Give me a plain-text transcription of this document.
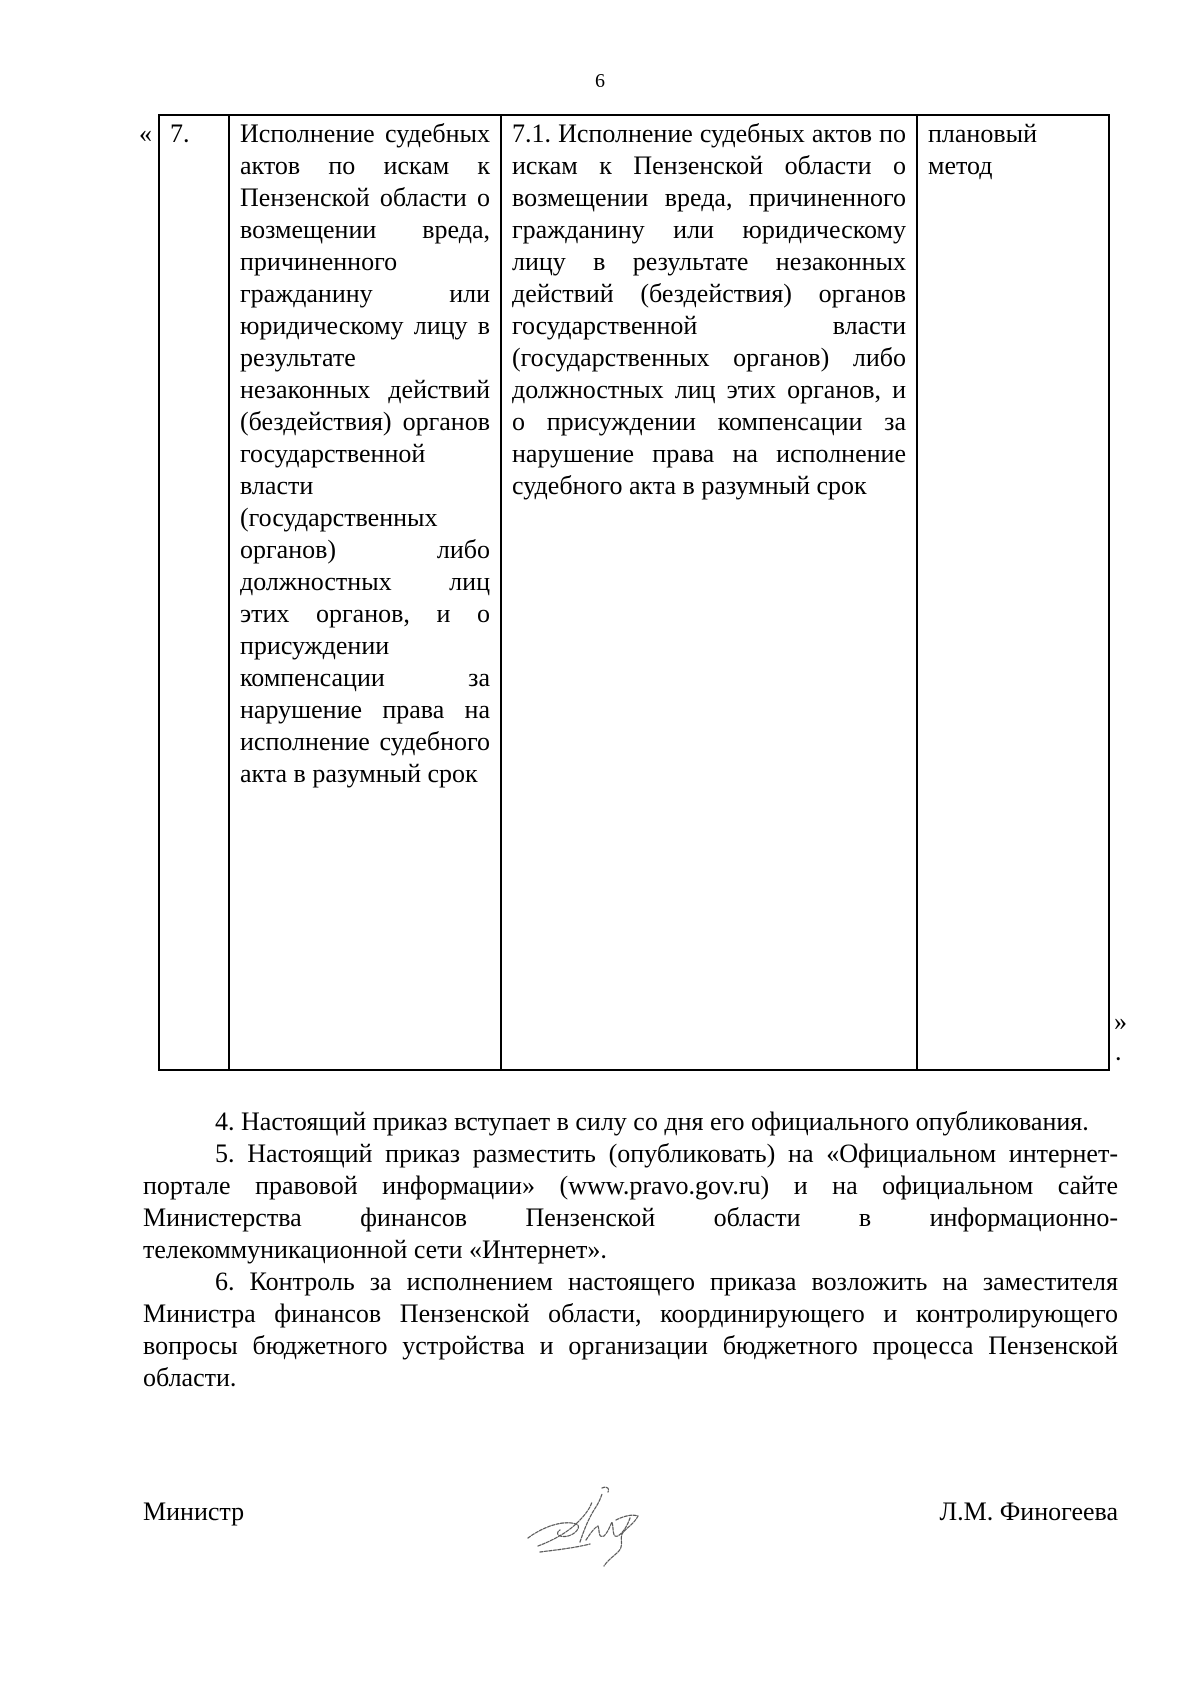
6
« 7.	Исполнение судебных актов по искам к Пензенской области о возмещении вреда, причиненного гражданину или юридическому лицу в результате незаконных действий (бездействия) органов государственной власти (государственных органов) либо должностных лиц этих органов, и о присуждении компенсации за нарушение права на исполнение судебного акта в разумный срок	7.1. Исполнение судебных актов по искам к Пензенской области о возмещении вреда, причиненного гражданину или юридическому лицу в результате незаконных действий (бездействия) органов государственной власти (государственных органов) либо должностных лиц этих органов, и о присуждении компенсации за нарушение права на исполнение судебного акта в разумный срок	плановый метод
»
.

4. Настоящий приказ вступает в силу со дня его официального опубликования.

5. Настоящий приказ разместить (опубликовать) на «Официальном интернет-портале правовой информации» (www.pravo.gov.ru) и на официальном сайте Министерства финансов Пензенской области в информационно-телекоммуникационной сети «Интернет».

6. Контроль за исполнением настоящего приказа возложить на заместителя Министра финансов Пензенской области, координирующего и контролирующего вопросы бюджетного устройства и организации бюджетного процесса Пензенской области.

Министр	Л.М. Финогеева
